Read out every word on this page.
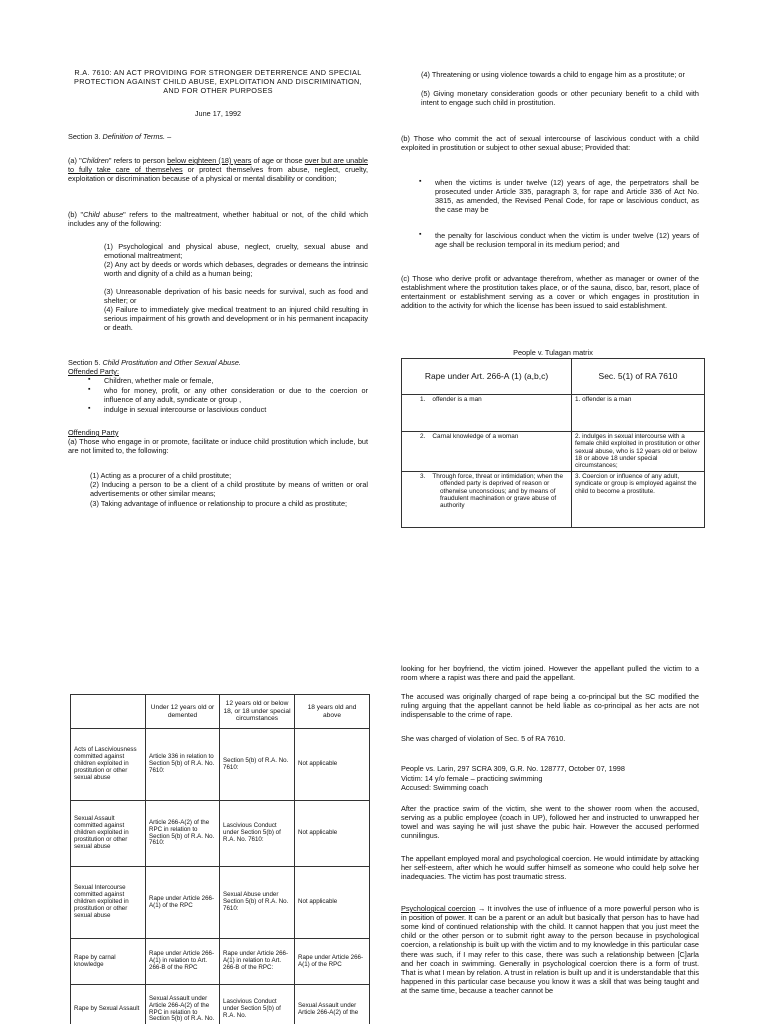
R.A. 7610: AN ACT PROVIDING FOR STRONGER DETERRENCE AND SPECIAL PROTECTION AGAINST CHILD ABUSE, EXPLOITATION AND DISCRIMINATION, AND FOR OTHER PURPOSES
June 17, 1992
Section 3. Definition of Terms. –
(a) "Children" refers to person below eighteen (18) years of age or those over but are unable to fully take care of themselves or protect themselves from abuse, neglect, cruelty, exploitation or discrimination because of a physical or mental disability or condition;
(b) "Child abuse" refers to the maltreatment, whether habitual or not, of the child which includes any of the following:
(1) Psychological and physical abuse, neglect, cruelty, sexual abuse and emotional maltreatment;
(2) Any act by deeds or words which debases, degrades or demeans the intrinsic worth and dignity of a child as a human being;
(3) Unreasonable deprivation of his basic needs for survival, such as food and shelter; or
(4) Failure to immediately give medical treatment to an injured child resulting in serious impairment of his growth and development or in his permanent incapacity or death.
Section 5. Child Prostitution and Other Sexual Abuse.
Offended Party:
▪ Children, whether male or female,
▪ who for money, profit, or any other consideration or due to the coercion or influence of any adult, syndicate or group ,
▪ indulge in sexual intercourse or lascivious conduct
Offending Party
(a) Those who engage in or promote, facilitate or induce child prostitution which include, but are not limited to, the following:
(1) Acting as a procurer of a child prostitute;
(2) Inducing a person to be a client of a child prostitute by means of written or oral advertisements or other similar means;
(3) Taking advantage of influence or relationship to procure a child as prostitute;
(4) Threatening or using violence towards a child to engage him as a prostitute; or
(5) Giving monetary consideration goods or other pecuniary benefit to a child with intent to engage such child in prostitution.
(b) Those who commit the act of sexual intercourse of lascivious conduct with a child exploited in prostitution or subject to other sexual abuse; Provided that:
▪ when the victims is under twelve (12) years of age, the perpetrators shall be prosecuted under Article 335, paragraph 3, for rape and Article 336 of Act No. 3815, as amended, the Revised Penal Code, for rape or lascivious conduct, as the case may be
▪ the penalty for lascivious conduct when the victim is under twelve (12) years of age shall be reclusion temporal in its medium period; and
(c) Those who derive profit or advantage therefrom, whether as manager or owner of the establishment where the prostitution takes place, or of the sauna, disco, bar, resort, place of entertainment or establishment serving as a cover or which engages in prostitution in addition to the activity for which the license has been issued to said establishment.
People v. Tulagan matrix
Rape under Art. 266-A (1) (a,b,c)	Sec. 5(1) of RA 7610
1.    offender is a man	1. offender is a man
2.    Carnal knowledge of a woman	2. indulges in sexual intercourse with a female child exploited in prostitution or other sexual abuse, who is 12 years old or below 18 or above 18 under special circumstances;

3.    Through force, threat or intimidation; when the offended party is deprived of reason or otherwise unconscious; and by means of fraudulent machination or grave abuse of authority	3. Coercion or influence of any adult, syndicate or group is employed against the child to become a prostitute.
	Under 12 years old or demented	12 years old or below 18, or 18 under special circumstances	18 years old and above
Acts of Lasciviousness committed against children exploited in prostitution or other sexual abuse	Article 336 in relation to Section 5(b) of R.A. No. 7610:	Section 5(b) of R.A. No. 7610:	Not applicable
Sexual Assault committed against children exploited in prostitution or other sexual abuse	Article 266-A(2) of the RPC in relation to Section 5(b) of R.A. No. 7610:	Lascivious Conduct under Section 5(b) of R.A. No. 7610:	Not applicable
Sexual Intercourse committed against children exploited in prostitution or other sexual abuse	Rape under Article 266-A(1) of the RPC	Sexual Abuse under Section 5(b) of R.A. No. 7610:	Not applicable
Rape by carnal knowledge	Rape under Article 266-A(1) in relation to Art. 266-B of the RPC	Rape under Article 266-A(1) in relation to Art. 266-B of the RPC:	Rape under Article 266-A(1) of the RPC
Rape by Sexual Assault	Sexual Assault under Article 266-A(2) of the RPC in relation to Section 5(b) of R.A. No.	Lascivious Conduct under Section 5(b) of R.A. No.	Sexual Assault under Article 266-A(2) of the
looking for her boyfriend, the victim joined. However the appellant pulled the victim to a room where a rapist was there and paid the appellant.
The accused was originally charged of rape being a co-principal but the SC modified the ruling arguing that the appellant cannot be held liable as co-principal as her acts are not indispensable to the crime of rape.
She was charged of violation of Sec. 5 of RA 7610.
People vs. Larin, 297 SCRA 309, G.R. No. 128777, October 07, 1998
Victim: 14 y/o female – practicing swimming
Accused: Swimming coach
After the practice swim of the victim, she went to the shower room when the accused, serving as a public employee (coach in UP), followed her and instructed to unwrapped her towel and was saying he will just shave the pubic hair. However the accused performed cunnilingus.
The appellant employed moral and psychological coercion. He would intimidate by attacking her self-esteem, after which he would suffer himself as someone who could help solve her inadequacies. The victim has post traumatic stress.
Psychological coercion → It involves the use of influence of a more powerful person who is in position of power. It can be a parent or an adult but basically that person has to have had some kind of continued relationship with the child. It cannot happen that you just meet the child or the other person or to submit right away to the person because in psychological coercion, a relationship is built up with the victim and to my knowledge in this particular case there was such, if I may refer to this case, there was such a relationship between [C]arla and her coach in swimming. Generally in psychological coercion there is a form of trust. That is what I mean by relation. A trust in relation is built up and it is understandable that this happened in this particular case because you know it was a skill that was being taught and at the same time, because a teacher cannot be
